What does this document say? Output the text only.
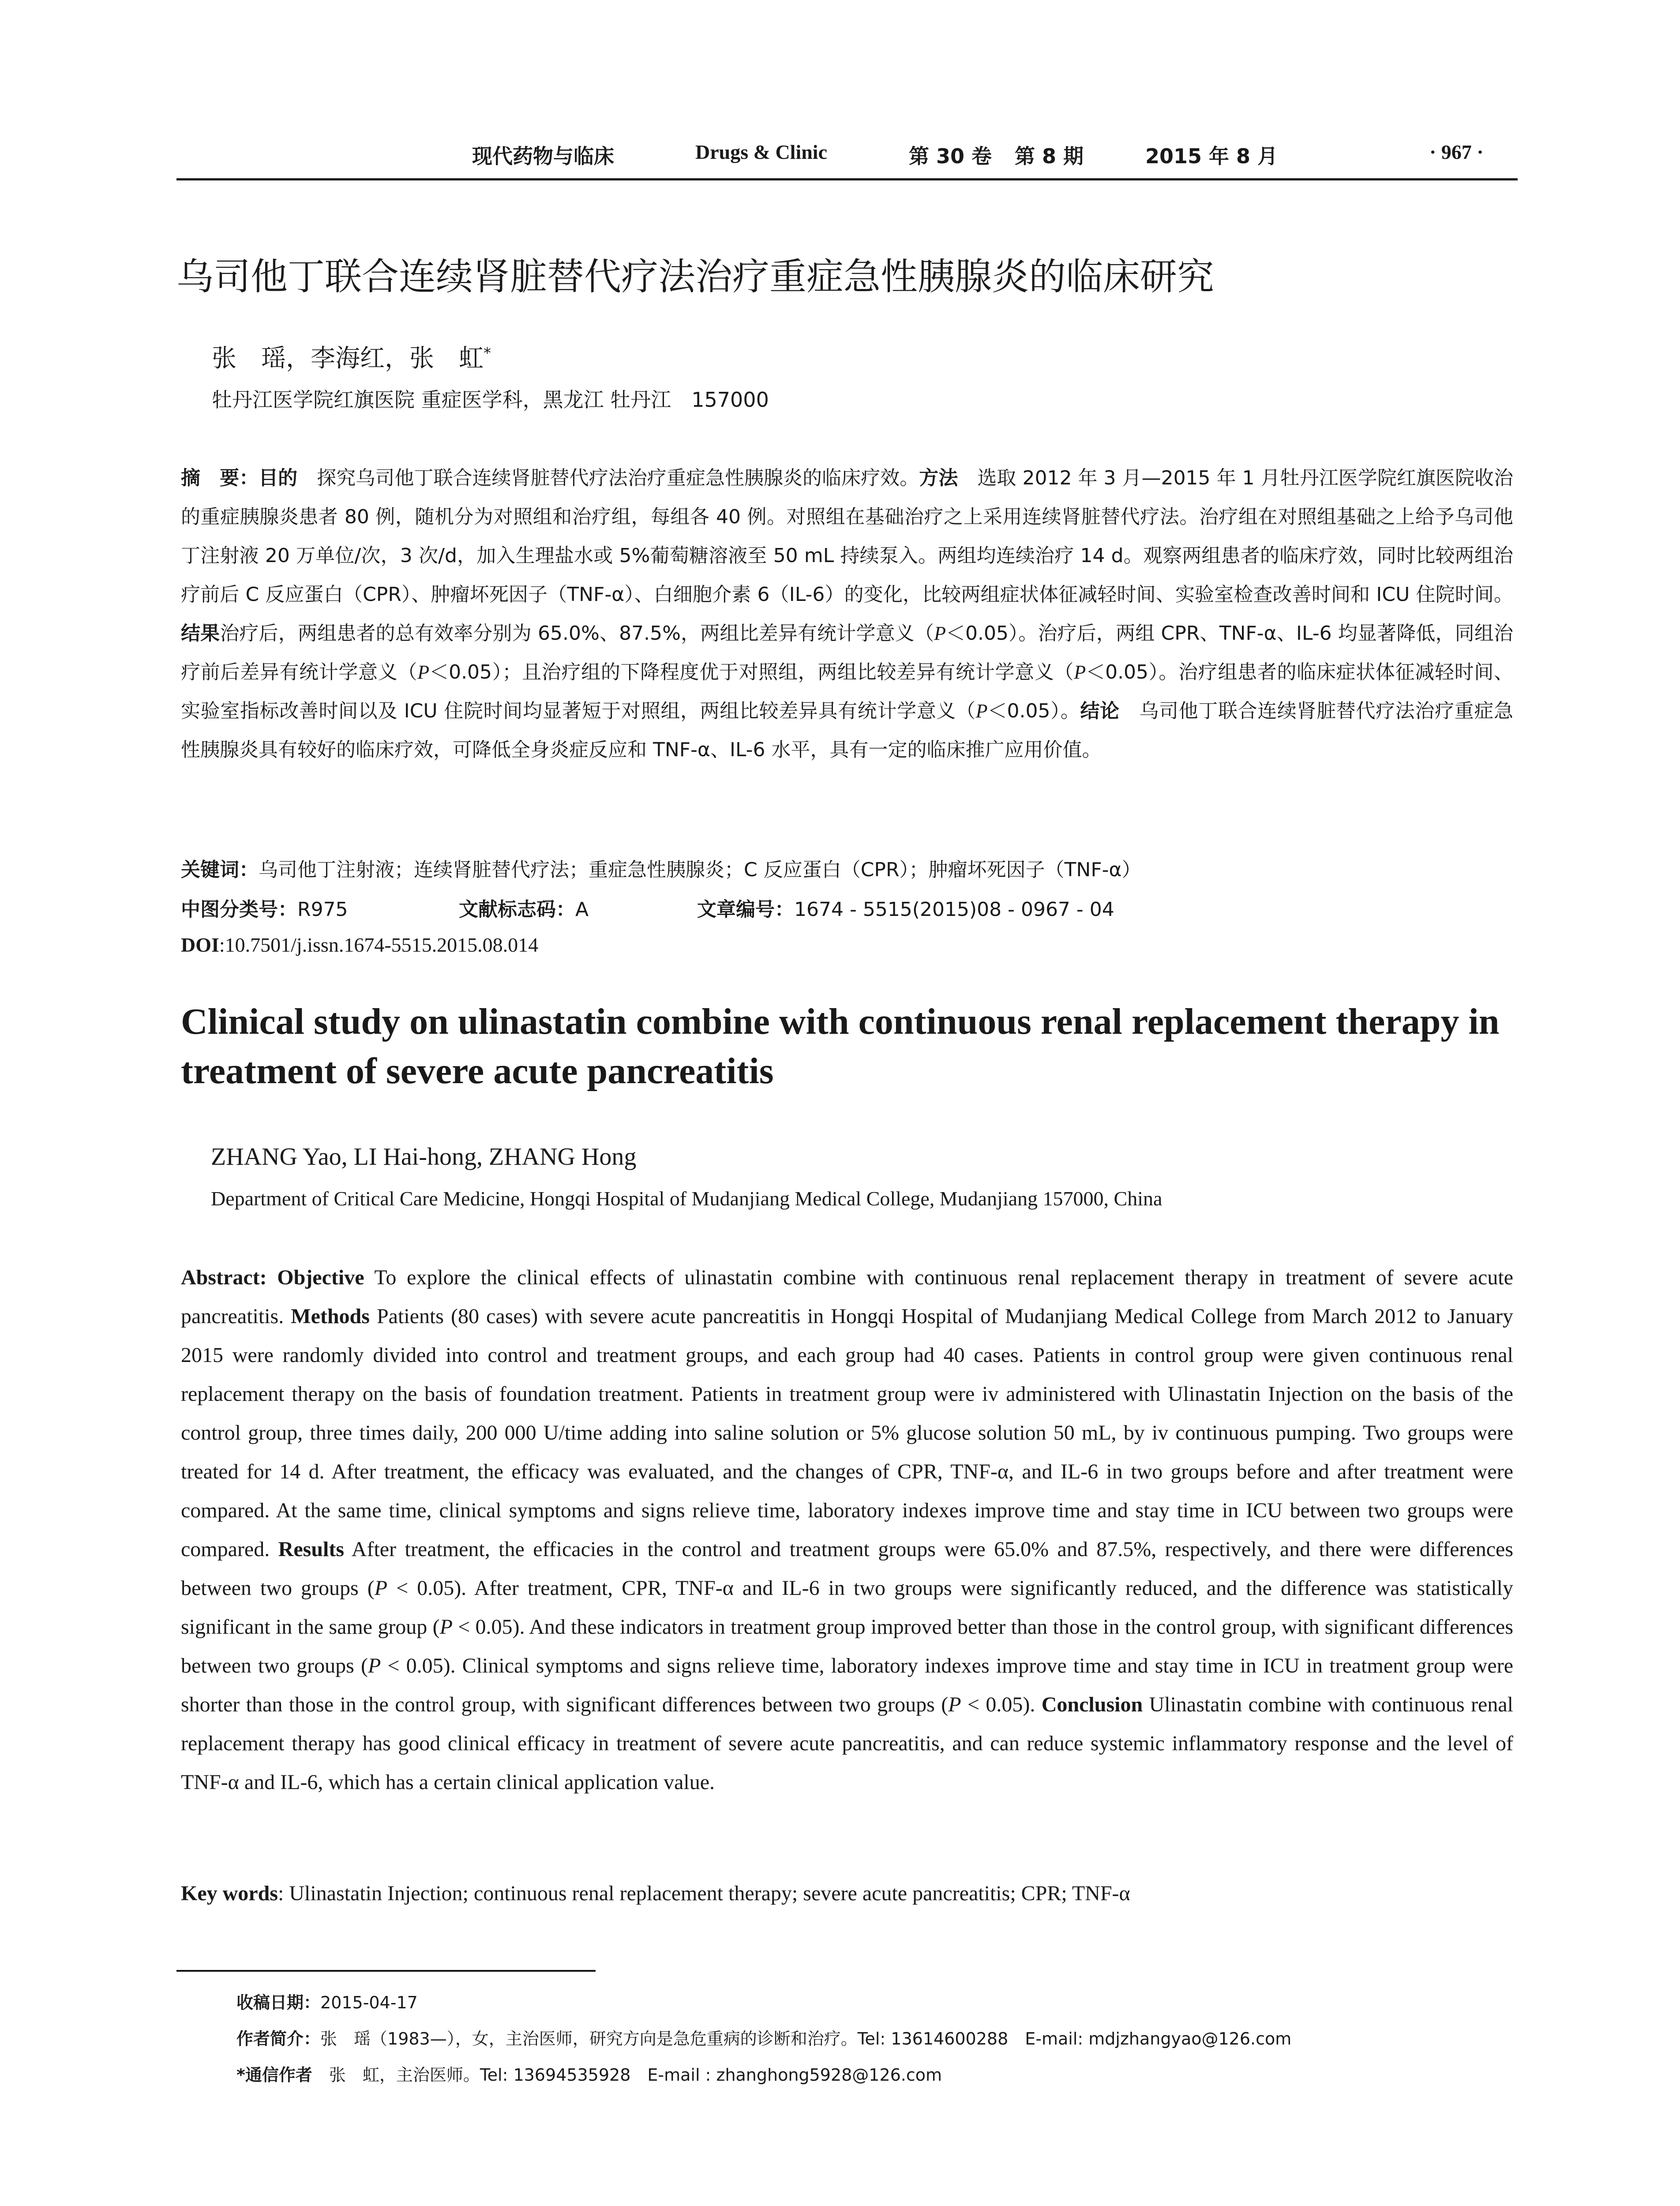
现代药物与临床	Drugs & Clinic	第 30 卷 第 8 期	2015 年 8 月	· 967 ·
乌司他丁联合连续肾脏替代疗法治疗重症急性胰腺炎的临床研究
张　瑶，李海红，张　虹*
牡丹江医学院红旗医院 重症医学科，黑龙江 牡丹江　157000
摘　要：目的　探究乌司他丁联合连续肾脏替代疗法治疗重症急性胰腺炎的临床疗效。方法　选取 2012 年 3 月—2015 年 1 月牡丹江医学院红旗医院收治的重症胰腺炎患者 80 例，随机分为对照组和治疗组，每组各 40 例。对照组在基础治疗之上采用连续肾脏替代疗法。治疗组在对照组基础之上给予乌司他丁注射液 20 万单位/次，3 次/d，加入生理盐水或 5%葡萄糖溶液至 50 mL 持续泵入。两组均连续治疗 14 d。观察两组患者的临床疗效，同时比较两组治疗前后 C 反应蛋白（CPR）、肿瘤坏死因子（TNF-α）、白细胞介素 6（IL-6）的变化，比较两组症状体征减轻时间、实验室检查改善时间和 ICU 住院时间。结果治疗后，两组患者的总有效率分别为 65.0%、87.5%，两组比差异有统计学意义（P＜0.05）。治疗后，两组 CPR、TNF-α、IL-6 均显著降低，同组治疗前后差异有统计学意义（P＜0.05）；且治疗组的下降程度优于对照组，两组比较差异有统计学意义（P＜0.05）。治疗组患者的临床症状体征减轻时间、实验室指标改善时间以及 ICU 住院时间均显著短于对照组，两组比较差异具有统计学意义（P＜0.05）。结论　乌司他丁联合连续肾脏替代疗法治疗重症急性胰腺炎具有较好的临床疗效，可降低全身炎症反应和 TNF-α、IL-6 水平，具有一定的临床推广应用价值。
关键词：乌司他丁注射液；连续肾脏替代疗法；重症急性胰腺炎；C 反应蛋白（CPR）；肿瘤坏死因子（TNF-α）
中图分类号：R975	文献标志码：A	文章编号：1674 - 5515(2015)08 - 0967 - 04
DOI:10.7501/j.issn.1674-5515.2015.08.014
Clinical study on ulinastatin combine with continuous renal replacement therapy in treatment of severe acute pancreatitis
ZHANG Yao, LI Hai-hong, ZHANG Hong
Department of Critical Care Medicine, Hongqi Hospital of Mudanjiang Medical College, Mudanjiang 157000, China
Abstract: Objective To explore the clinical effects of ulinastatin combine with continuous renal replacement therapy in treatment of severe acute pancreatitis. Methods Patients (80 cases) with severe acute pancreatitis in Hongqi Hospital of Mudanjiang Medical College from March 2012 to January 2015 were randomly divided into control and treatment groups, and each group had 40 cases. Patients in control group were given continuous renal replacement therapy on the basis of foundation treatment. Patients in treatment group were iv administered with Ulinastatin Injection on the basis of the control group, three times daily, 200 000 U/time adding into saline solution or 5% glucose solution 50 mL, by iv continuous pumping. Two groups were treated for 14 d. After treatment, the efficacy was evaluated, and the changes of CPR, TNF-α, and IL-6 in two groups before and after treatment were compared. At the same time, clinical symptoms and signs relieve time, laboratory indexes improve time and stay time in ICU between two groups were compared. Results After treatment, the efficacies in the control and treatment groups were 65.0% and 87.5%, respectively, and there were differences between two groups (P < 0.05). After treatment, CPR, TNF-α and IL-6 in two groups were significantly reduced, and the difference was statistically significant in the same group (P < 0.05). And these indicators in treatment group improved better than those in the control group, with significant differences between two groups (P < 0.05). Clinical symptoms and signs relieve time, laboratory indexes improve time and stay time in ICU in treatment group were shorter than those in the control group, with significant differences between two groups (P < 0.05). Conclusion Ulinastatin combine with continuous renal replacement therapy has good clinical efficacy in treatment of severe acute pancreatitis, and can reduce systemic inflammatory response and the level of TNF-α and IL-6, which has a certain clinical application value.
Key words: Ulinastatin Injection; continuous renal replacement therapy; severe acute pancreatitis; CPR; TNF-α
收稿日期：2015-04-17
作者简介：张　瑶（1983—），女，主治医师，研究方向是急危重病的诊断和治疗。Tel: 13614600288　E-mail: mdjzhangyao@126.com
*通信作者　张　虹，主治医师。Tel: 13694535928　E-mail : zhanghong5928@126.com
